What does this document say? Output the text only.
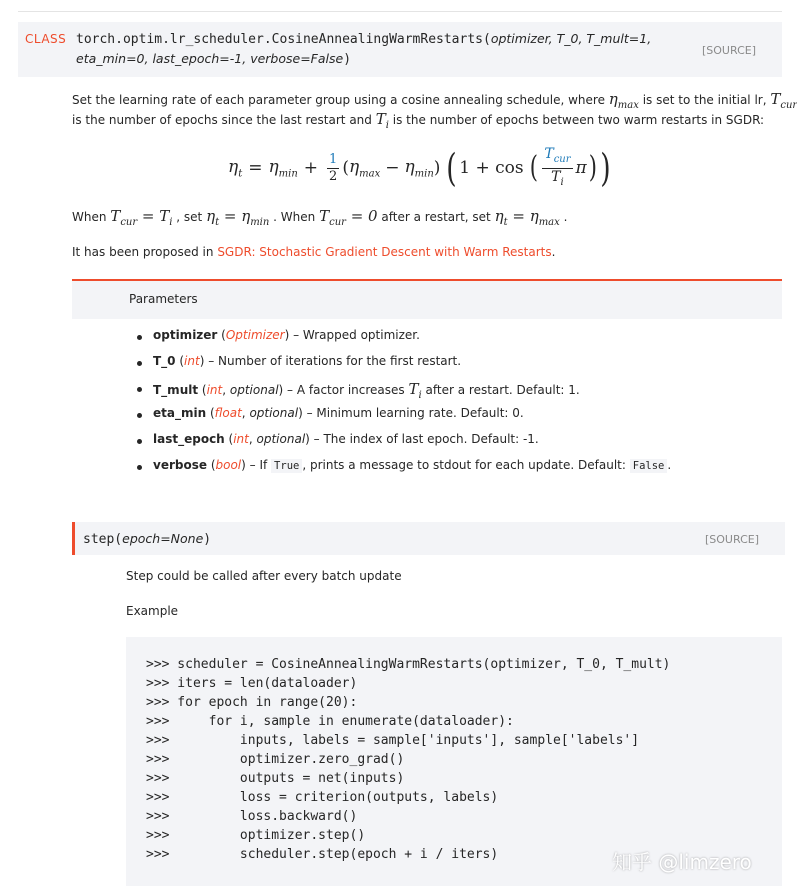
CLASS torch.optim.lr_scheduler.CosineAnnealingWarmRestarts(optimizer, T_0, T_mult=1,
eta_min=0, last_epoch=-1, verbose=False)
[SOURCE]
Set the learning rate of each parameter group using a cosine annealing schedule, where $\eta_{max}$ is set to the initial lr, $T_{cur}$
is the number of epochs since the last restart and $T_i$ is the number of epochs between two warm restarts in SGDR:
$\eta_t = \eta_{min} + \frac{1}{2}$ ( $\eta_{max} - \eta_{min}$ ) ( 1 + cos ( $\frac{T_{cur}}{T_i}$ π ) )
When $T_{cur} = T_i$ , set $\eta_t = \eta_{min}$ . When $T_{cur} = 0$ after a restart, set $\eta_t = \eta_{max}$ .
It has been proposed in SGDR: Stochastic Gradient Descent with Warm Restarts.
Parameters
optimizer (Optimizer) – Wrapped optimizer.
T_0 (int) – Number of iterations for the first restart.
T_mult (int, optional) – A factor increases $T_i$ after a restart. Default: 1.
eta_min (float, optional) – Minimum learning rate. Default: 0.
last_epoch (int, optional) – The index of last epoch. Default: -1.
verbose (bool) – If True , prints a message to stdout for each update. Default: False .
step(epoch=None)	[SOURCE]
Step could be called after every batch update
Example
>>> scheduler = CosineAnnealingWarmRestarts(optimizer, T_0, T_mult)
>>> iters = len(dataloader)
>>> for epoch in range(20):
>>>     for i, sample in enumerate(dataloader):
>>>         inputs, labels = sample['inputs'], sample['labels']
>>>         optimizer.zero_grad()
>>>         outputs = net(inputs)
>>>         loss = criterion(outputs, labels)
>>>         loss.backward()
>>>         optimizer.step()
>>>         scheduler.step(epoch + i / iters)	知乎 @limzero
